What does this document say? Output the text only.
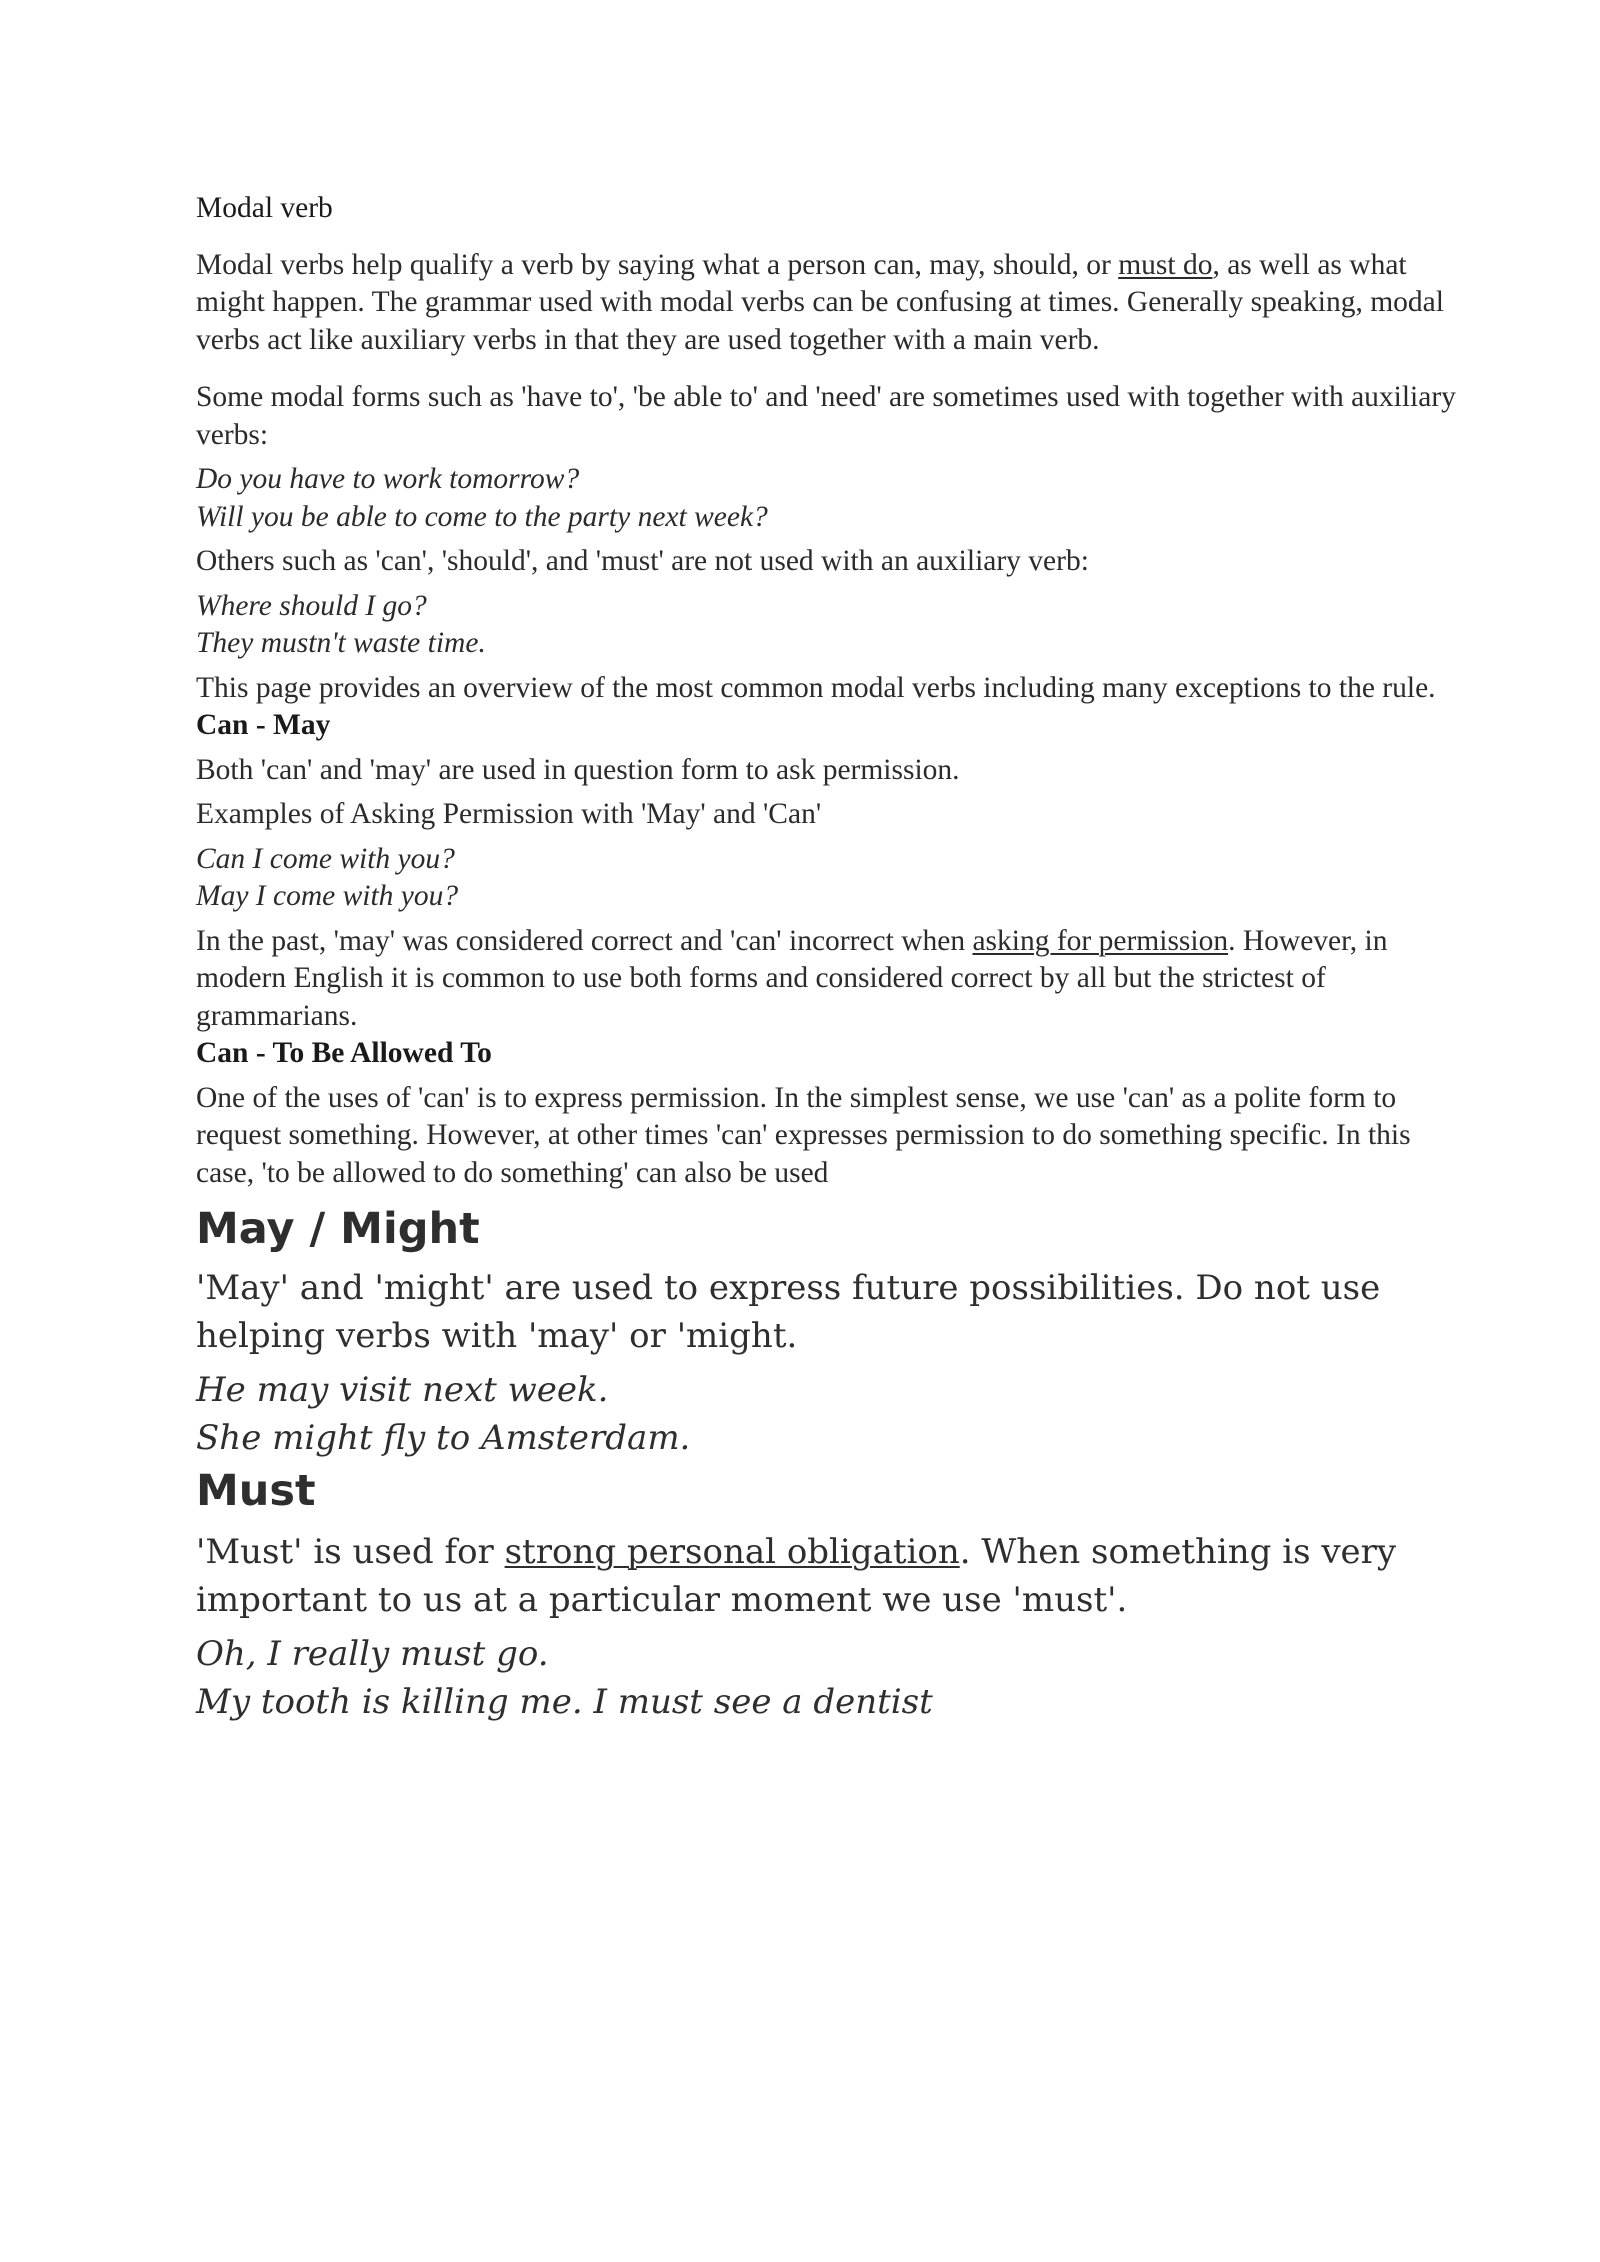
Modal verb

Modal verbs help qualify a verb by saying what a person can, may, should, or must do, as well as what might happen. The grammar used with modal verbs can be confusing at times. Generally speaking, modal verbs act like auxiliary verbs in that they are used together with a main verb.

Some modal forms such as 'have to', 'be able to' and 'need' are sometimes used with together with auxiliary verbs:

Do you have to work tomorrow?

Will you be able to come to the party next week?

Others such as 'can', 'should', and 'must' are not used with an auxiliary verb:

Where should I go?

They mustn't waste time.

This page provides an overview of the most common modal verbs including many exceptions to the rule.

Can - May

Both 'can' and 'may' are used in question form to ask permission.

Examples of Asking Permission with 'May' and 'Can'

Can I come with you?

May I come with you?

In the past, 'may' was considered correct and 'can' incorrect when asking for permission. However, in modern English it is common to use both forms and considered correct by all but the strictest of grammarians.

Can - To Be Allowed To

One of the uses of 'can' is to express permission. In the simplest sense, we use 'can' as a polite form to request something. However, at other times 'can' expresses permission to do something specific. In this case, 'to be allowed to do something' can also be used

May / Might

'May' and 'might' are used to express future possibilities. Do not use helping verbs with 'may' or 'might.

He may visit next week.

She might fly to Amsterdam.

Must

'Must' is used for strong personal obligation. When something is very important to us at a particular moment we use 'must'.

Oh, I really must go.

My tooth is killing me. I must see a dentist
